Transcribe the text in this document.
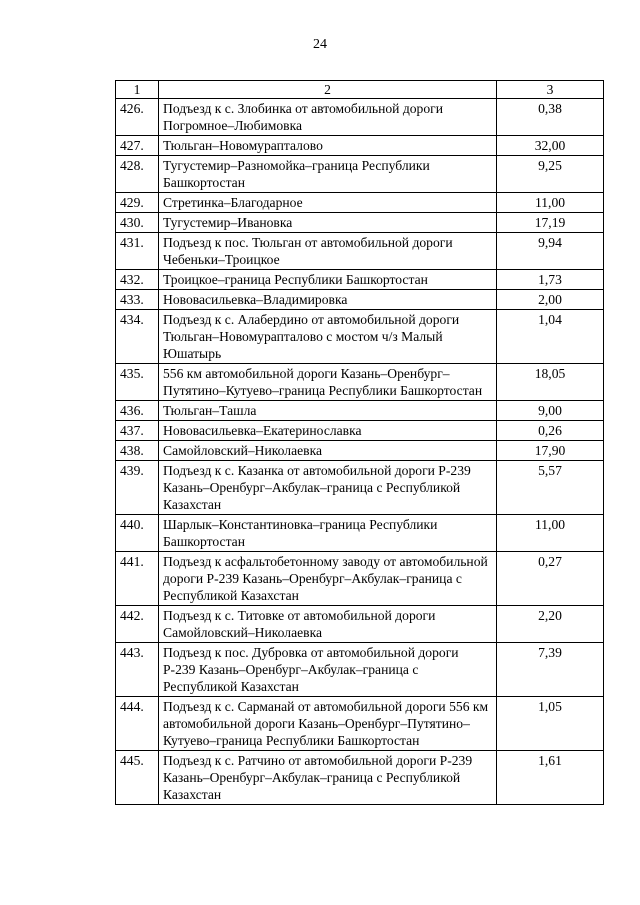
24
1	2	3
426.	Подъезд к с. Злобинка от автомобильной дороги Погромное–Любимовка	0,38
427.	Тюльган–Новомурапталово	32,00
428.	Тугустемир–Разномойка–граница Республики Башкортостан	9,25
429.	Стретинка–Благодарное	11,00
430.	Тугустемир–Ивановка	17,19
431.	Подъезд к пос. Тюльган от автомобильной дороги Чебеньки–Троицкое	9,94
432.	Троицкое–граница Республики Башкортостан	1,73
433.	Нововасильевка–Владимировка	2,00
434.	Подъезд к с. Алабердино от автомобильной дороги Тюльган–Новомурапталово с мостом ч/з Малый Юшатырь	1,04
435.	556 км автомобильной дороги Казань–Оренбург–Путятино–Кутуево–граница Республики Башкортостан	18,05
436.	Тюльган–Ташла	9,00
437.	Нововасильевка–Екатеринославка	0,26
438.	Самойловский–Николаевка	17,90
439.	Подъезд к с. Казанка от автомобильной дороги Р-239 Казань–Оренбург–Акбулак–граница с Республикой Казахстан	5,57
440.	Шарлык–Константиновка–граница Республики Башкортостан	11,00
441.	Подъезд к асфальтобетонному заводу от автомобильной дороги Р-239 Казань–Оренбург–Акбулак–граница с Республикой Казахстан	0,27
442.	Подъезд к с. Титовке от автомобильной дороги Самойловский–Николаевка	2,20
443.	Подъезд к пос. Дубровка от автомобильной дороги Р-239 Казань–Оренбург–Акбулак–граница с Республикой Казахстан	7,39
444.	Подъезд к с. Сарманай от автомобильной дороги 556 км автомобильной дороги Казань–Оренбург–Путятино–Кутуево–граница Республики Башкортостан	1,05
445.	Подъезд к с. Ратчино от автомобильной дороги Р-239 Казань–Оренбург–Акбулак–граница с Республикой Казахстан	1,61
